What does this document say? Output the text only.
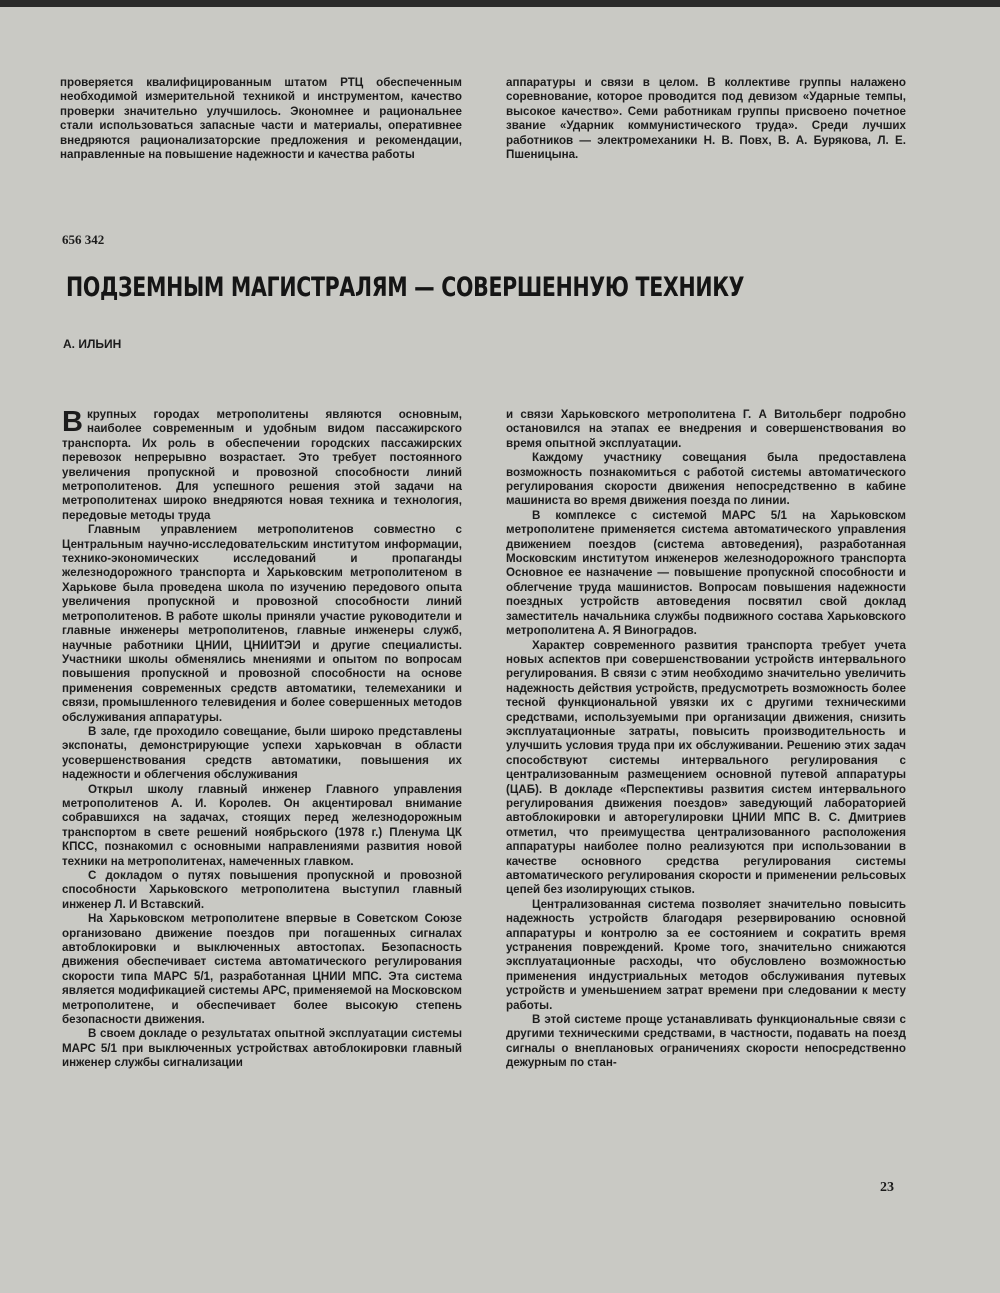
проверяется квалифицированным штатом РТЦ обеспеченным необходимой измерительной техникой и инструментом, качество проверки значительно улучшилось. Экономнее и рациональнее стали использоваться запасные части и материалы, оперативнее внедряются рационализаторские предложения и рекомендации, направленные на повышение надежности и качества работы

аппаратуры и связи в целом. В коллективе группы налажено соревнование, которое проводится под девизом «Ударные темпы, высокое качество». Семи работникам группы присвоено почетное звание «Ударник коммунистического труда». Среди лучших работников — электромеханики Н. В. Повх, В. А. Бурякова, Л. Е. Пшеницына.

656 342
ПОДЗЕМНЫМ МАГИСТРАЛЯМ — СОВЕРШЕННУЮ ТЕХНИКУ
А. ИЛЬИН

В крупных городах метрополитены являются основным, наиболее современным и удобным видом пассажирского транспорта. Их роль в обеспечении городских пассажирских перевозок непрерывно возрастает. Это требует постоянного увеличения пропускной и провозной способности линий метрополитенов. Для успешного решения этой задачи на метрополитенах широко внедряются новая техника и технология, передовые методы труда

Главным управлением метрополитенов совместно с Центральным научно-исследовательским институтом информации, технико-экономических исследований и пропаганды железнодорожного транспорта и Харьковским метрополитеном в Харькове была проведена школа по изучению передового опыта увеличения пропускной и провозной способности линий метрополитенов. В работе школы приняли участие руководители и главные инженеры метрополитенов, главные инженеры служб, научные работники ЦНИИ, ЦНИИТЭИ и другие специалисты. Участники школы обменялись мнениями и опытом по вопросам повышения пропускной и провозной способности на основе применения современных средств автоматики, телемеханики и связи, промышленного телевидения и более совершенных методов обслуживания аппаратуры.

В зале, где проходило совещание, были широко представлены экспонаты, демонстрирующие успехи харьковчан в области усовершенствования средств автоматики, повышения их надежности и облегчения обслуживания

Открыл школу главный инженер Главного управления метрополитенов А. И. Королев. Он акцентировал внимание собравшихся на задачах, стоящих перед железнодорожным транспортом в свете решений ноябрьского (1978 г.) Пленума ЦК КПСС, познакомил с основными направлениями развития новой техники на метрополитенах, намеченных главком.

С докладом о путях повышения пропускной и провозной способности Харьковского метрополитена выступил главный инженер Л. И Вставский.

На Харьковском метрополитене впервые в Советском Союзе организовано движение поездов при погашенных сигналах автоблокировки и выключенных автостопах. Безопасность движения обеспечивает система автоматического регулирования скорости типа МАРС 5/1, разработанная ЦНИИ МПС. Эта система является модификацией системы АРС, применяемой на Московском метрополитене, и обеспечивает более высокую степень безопасности движения.

В своем докладе о результатах опытной эксплуатации системы МАРС 5/1 при выключенных устройствах автоблокировки главный инженер службы сигнализации

и связи Харьковского метрополитена Г. А Витольберг подробно остановился на этапах ее внедрения и совершенствования во время опытной эксплуатации.

Каждому участнику совещания была предоставлена возможность познакомиться с работой системы автоматического регулирования скорости движения непосредственно в кабине машиниста во время движения поезда по линии.

В комплексе с системой МАРС 5/1 на Харьковском метрополитене применяется система автоматического управления движением поездов (система автоведения), разработанная Московским институтом инженеров железнодорожного транспорта Основное ее назначение — повышение пропускной способности и облегчение труда машинистов. Вопросам повышения надежности поездных устройств автоведения посвятил свой доклад заместитель начальника службы подвижного состава Харьковского метрополитена А. Я Виноградов.

Характер современного развития транспорта требует учета новых аспектов при совершенствовании устройств интервального регулирования. В связи с этим необходимо значительно увеличить надежность действия устройств, предусмотреть возможность более тесной функциональной увязки их с другими техническими средствами, используемыми при организации движения, снизить эксплуатационные затраты, повысить производительность и улучшить условия труда при их обслуживании. Решению этих задач способствуют системы интервального регулирования с централизованным размещением основной путевой аппаратуры (ЦАБ). В докладе «Перспективы развития систем интервального регулирования движения поездов» заведующий лабораторией автоблокировки и авторегулировки ЦНИИ МПС В. С. Дмитриев отметил, что преимущества централизованного расположения аппаратуры наиболее полно реализуются при использовании в качестве основного средства регулирования системы автоматического регулирования скорости и применении рельсовых цепей без изолирующих стыков.

Централизованная система позволяет значительно повысить надежность устройств благодаря резервированию основной аппаратуры и контролю за ее состоянием и сократить время устранения повреждений. Кроме того, значительно снижаются эксплуатационные расходы, что обусловлено возможностью применения индустриальных методов обслуживания путевых устройств и уменьшением затрат времени при следовании к месту работы.

В этой системе проще устанавливать функциональные связи с другими техническими средствами, в частности, подавать на поезд сигналы о внеплановых ограничениях скорости непосредственно дежурным по стан-

23
